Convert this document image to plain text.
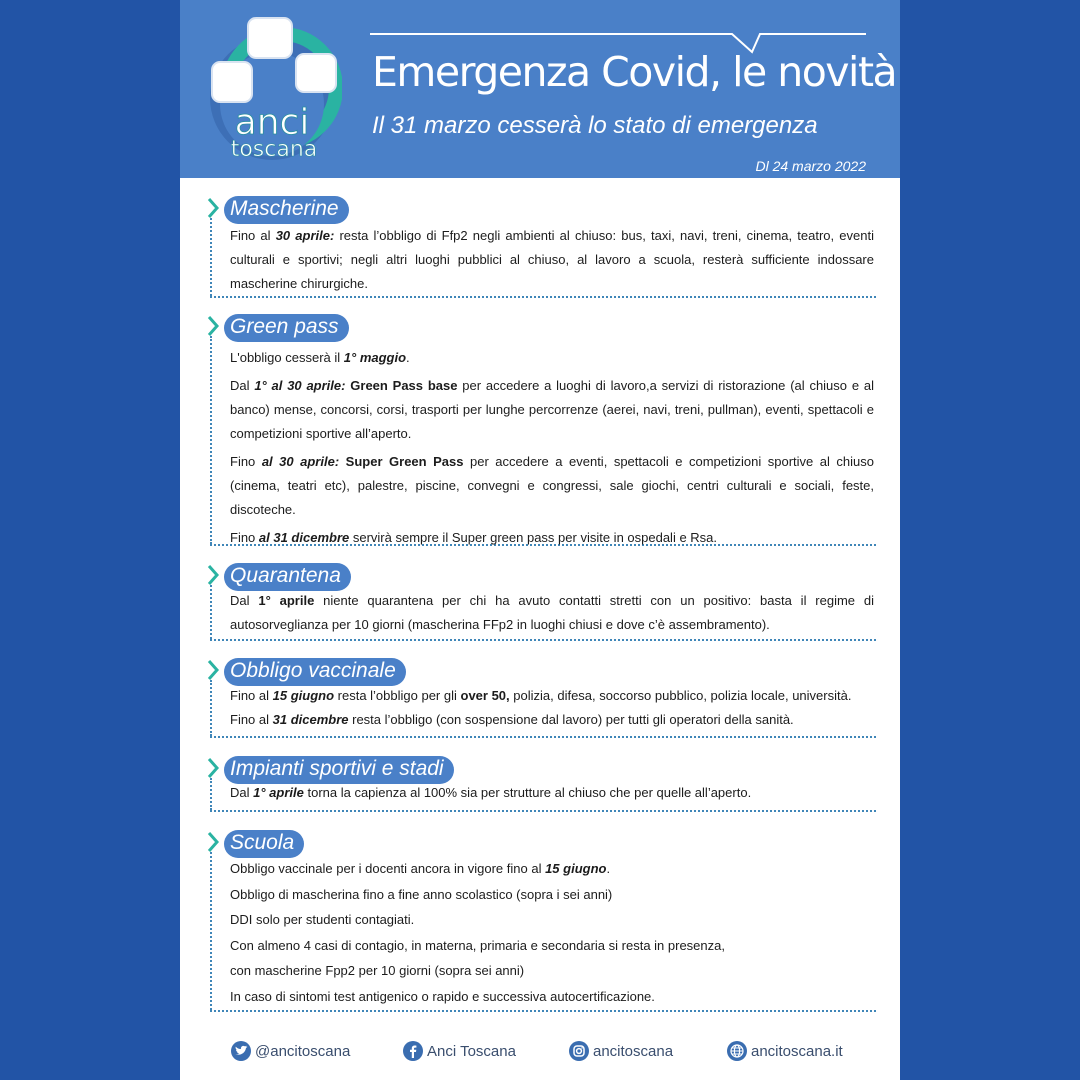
anci
toscana
Emergenza Covid, le novità
Il 31 marzo cesserà lo stato di emergenza
Dl 24 marzo 2022
Mascherine

Fino al 30 aprile: resta l’obbligo di Ffp2 negli ambienti al chiuso: bus, taxi, navi, treni, cinema, teatro, eventi culturali e sportivi; negli altri luoghi pubblici al chiuso, al lavoro a scuola, resterà sufficiente indossare mascherine chirurgiche.

Green pass

L'obbligo cesserà il 1° maggio.

Dal 1° al 30 aprile: Green Pass base per accedere a luoghi di lavoro,a servizi di ristorazione (al chiuso e al banco) mense, concorsi, corsi, trasporti per lunghe percorrenze (aerei, navi, treni, pullman), eventi, spettacoli e competizioni sportive all’aperto.

Fino al 30 aprile: Super Green Pass per accedere a eventi, spettacoli e competizioni sportive al chiuso (cinema, teatri etc), palestre, piscine, convegni e congressi, sale giochi, centri culturali e sociali, feste, discoteche.

Fino al 31 dicembre servirà sempre il Super green pass per visite in ospedali e Rsa.

Quarantena

Dal 1° aprile niente quarantena per chi ha avuto contatti stretti con un positivo: basta il regime di autosorveglianza per 10 giorni (mascherina FFp2 in luoghi chiusi e dove c’è assembramento).

Obbligo vaccinale

Fino al 15 giugno resta l’obbligo per gli over 50, polizia, difesa, soccorso pubblico, polizia locale, università.

Fino al 31 dicembre resta l’obbligo (con sospensione dal lavoro) per tutti gli operatori della sanità.

Impianti sportivi e stadi

Dal 1° aprile torna la capienza al 100% sia per strutture al chiuso che per quelle all’aperto.

Scuola

Obbligo vaccinale per i docenti ancora in vigore fino al 15 giugno.

Obbligo di mascherina fino a fine anno scolastico (sopra i sei anni)

DDI solo per studenti contagiati.

Con almeno 4 casi di contagio, in materna, primaria e secondaria si resta in presenza,

con mascherine Fpp2 per 10 giorni (sopra sei anni)

In caso di sintomi test antigenico o rapido e successiva autocertificazione.

@ancitoscana	Anci Toscana	ancitoscana	ancitoscana.it
